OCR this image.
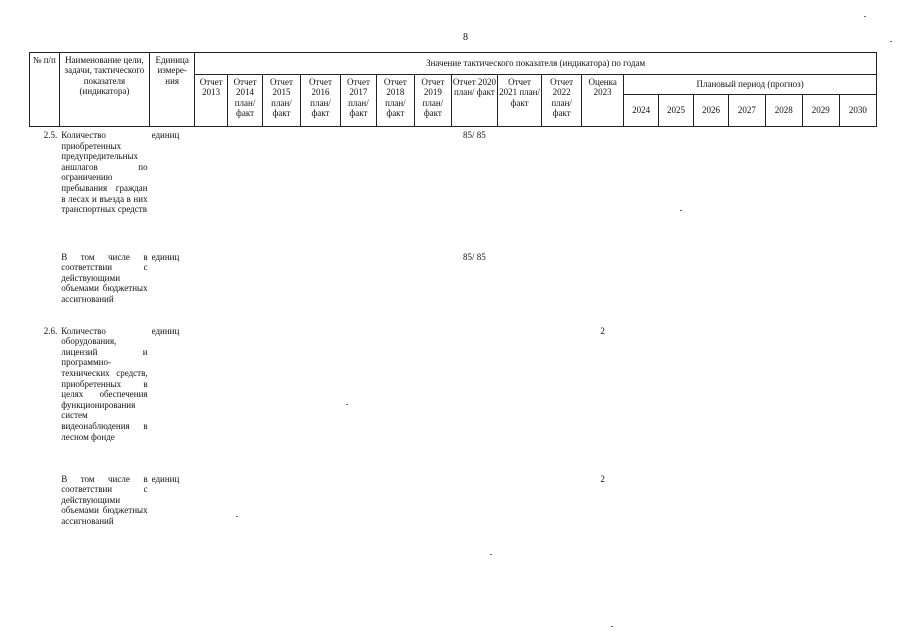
8
№ п/п	Наименование цели, задачи, тактического показателя (индикатора)	Единица измере-ния	Значение тактического показателя (индикатора) по годам																	
			Отчет 2013	Отчет 2014 план/ факт	Отчет 2015 план/ факт	Отчет 2016 план/ факт	Отчет 2017 план/ факт	Отчет 2018 план/ факт	Отчет 2019 план/ факт	Отчет 2020 план/ факт	Отчет 2021 план/ факт	Отчет 2022 план/ факт	Оценка 2023	Плановый период (прогноз)						
														2024	2025	2026	2027	2028	2029	2030
2.5.	Количество приобретенных предупредительных аншлагов по ограничению пребывания граждан в лесах и въезда в них транспортных средств	единиц								85/ 85										
	В том числе в соответствии с действующими объемами бюджетных ассигнований	единиц								85/ 85										
2.6.	Количество оборудования, лицензий и программно-технических средств, приобретенных в целях обеспечения функционирования систем видеонаблюдения в лесном фонде	единиц											2							
	В том числе в соответствии с действующими объемами бюджетных ассигнований	единиц											2							
